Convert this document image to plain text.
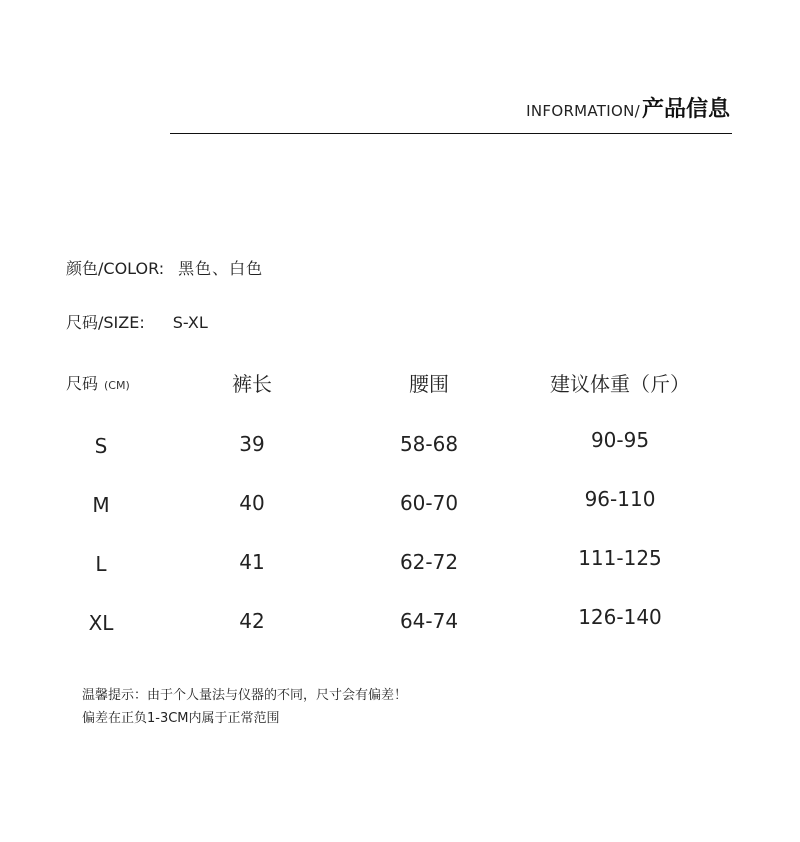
INFORMATION/产品信息
颜色/COLOR: 黑色、白色
尺码/SIZE: S-XL
尺码 (CM)	裤长	腰围	建议体重（斤）
S	39	58-68	90-95
M	40	60-70	96-110
L	41	62-72	111-125
XL	42	64-74	126-140
温馨提示：由于个人量法与仪器的不同，尺寸会有偏差！
偏差在正负1-3CM内属于正常范围
